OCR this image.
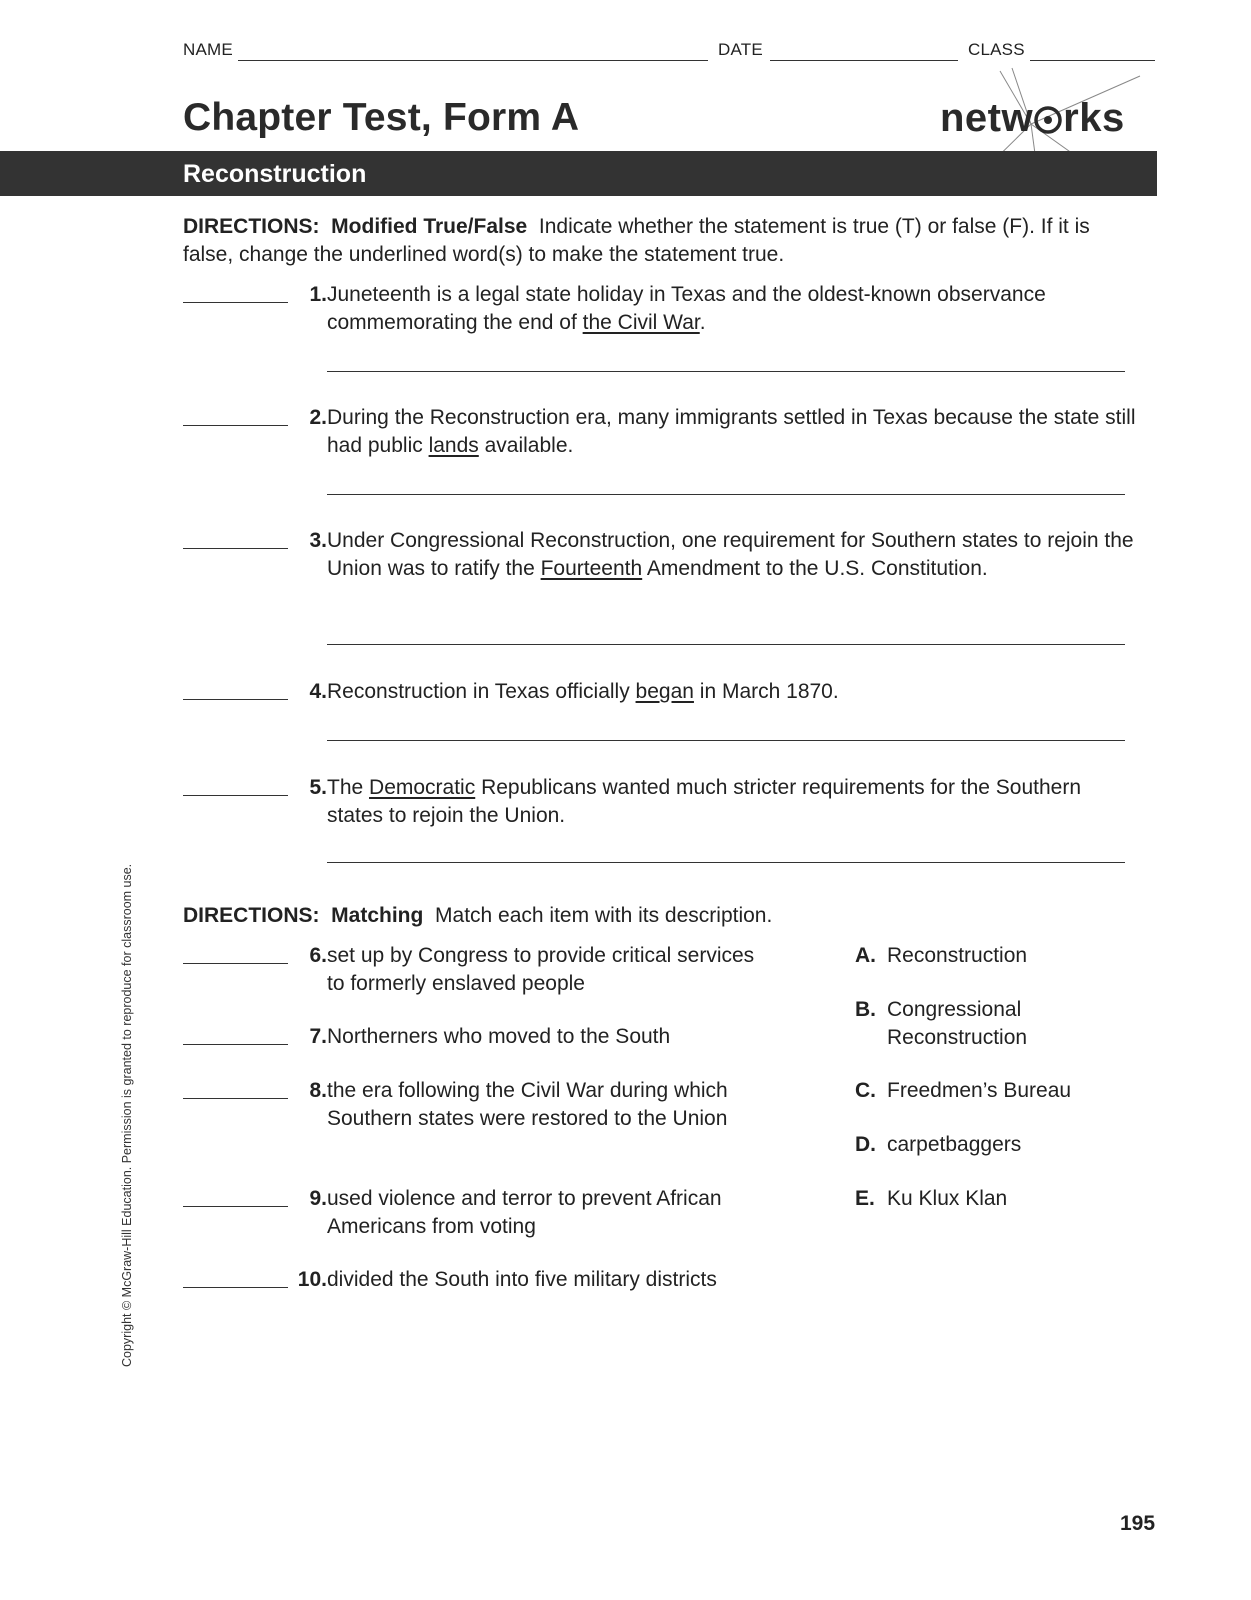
NAME	DATE	CLASS
Chapter Test, Form A	netw rks
Reconstruction
DIRECTIONS: Modified True/False Indicate whether the statement is true (T) or false (F). If it is false, change the underlined word(s) to make the statement true.
1. Juneteenth is a legal state holiday in Texas and the oldest-known observance commemorating the end of the Civil War.
2. During the Reconstruction era, many immigrants settled in Texas because the state still had public lands available.
3. Under Congressional Reconstruction, one requirement for Southern states to rejoin the Union was to ratify the Fourteenth Amendment to the U.S. Constitution.
4. Reconstruction in Texas officially began in March 1870.
5. The Democratic Republicans wanted much stricter requirements for the Southern states to rejoin the Union.
DIRECTIONS: Matching Match each item with its description.
6. set up by Congress to provide critical services to formerly enslaved people
7. Northerners who moved to the South
8. the era following the Civil War during which Southern states were restored to the Union
9. used violence and terror to prevent African Americans from voting
10. divided the South into five military districts
A. Reconstruction
B. Congressional Reconstruction
C. Freedmen’s Bureau
D. carpetbaggers
E. Ku Klux Klan
Copyright © McGraw-Hill Education. Permission is granted to reproduce for classroom use.
195
